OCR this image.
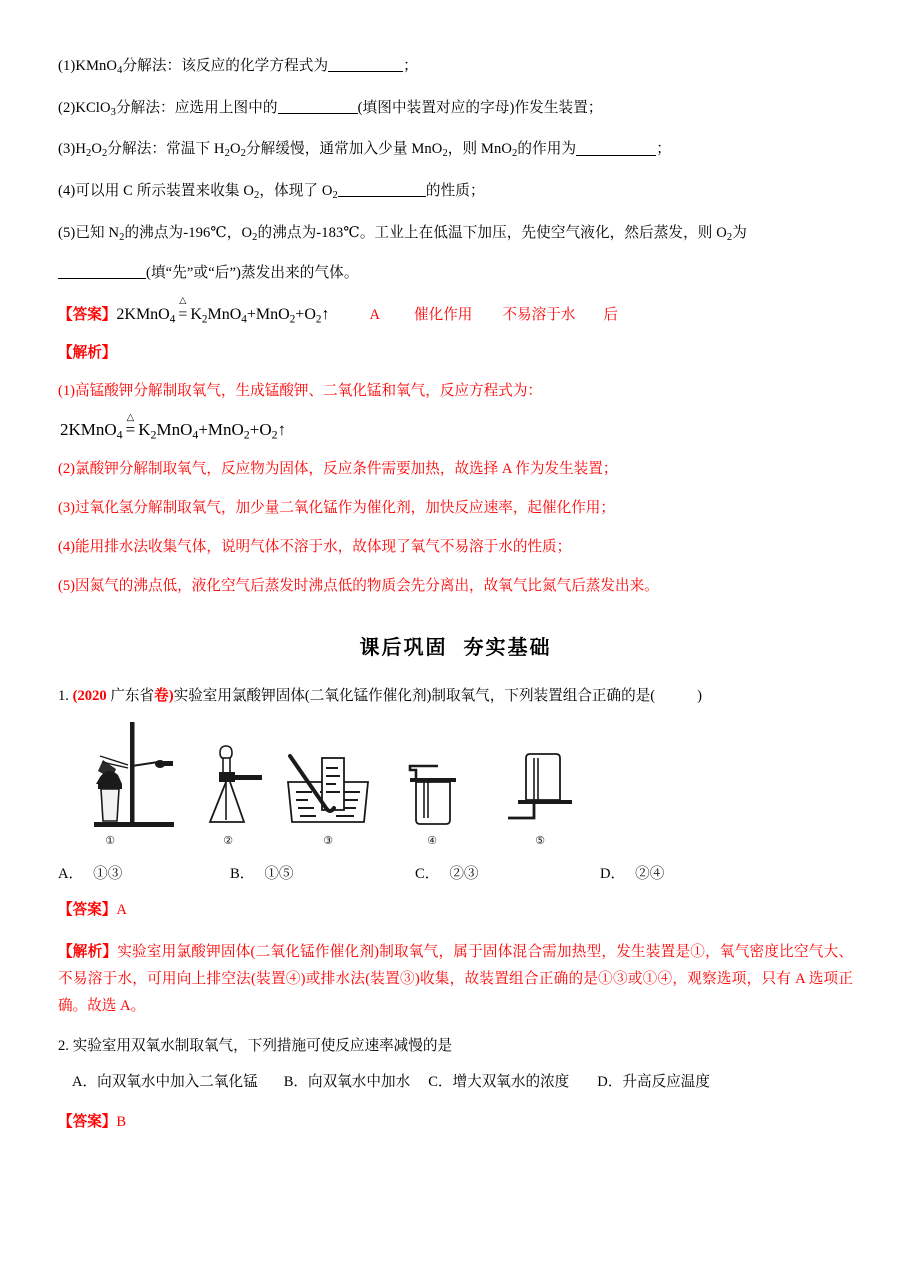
(1)KMnO$_4$分解法：该反应的化学方程式为	；

(2)KClO$_3$分解法：应选用上图中的	(填图中装置对应的字母)作发生装置；

$(3)H_2O_2$分解法：常温下 $H_2O_2$分解缓慢，通常加入少量 MnO$_2$，则 MnO$_2$的作用为	；

(4)可以用 C 所示装置来收集 $O_2$，体现了 $O_2$	的性质；

(5)已知 $N_2$的沸点为-196℃，$O_2$的沸点为-183℃。工业上在低温下加压，先使空气液化，然后蒸发，则 $O_2$为

(填“先”或“后”)蒸发出来的气体。

【答案】2KMnO$_4$
△
= $K_2MnO_4+MnO_2+O_2↑$	A 催化作用 不易溶于水 后

【解析】

(1)高锰酸钾分解制取氧气，生成锰酸钾、二氧化锰和氧气，反应方程式为：

2KMnO$_4$
△
= $K_2MnO_4+MnO_2+O_2↑$

(2)氯酸钾分解制取氧气，反应物为固体，反应条件需要加热，故选择 A 作为发生装置；

(3)过氧化氢分解制取氧气，加少量二氧化锰作为催化剂，加快反应速率，起催化作用；

(4)能用排水法收集气体，说明气体不溶于水，故体现了氧气不易溶于水的性质；

(5)因氮气的沸点低，液化空气后蒸发时沸点低的物质会先分离出，故氧气比氮气后蒸发出来。

课后巩固 夯实基础

1. (2020 广东省卷)实验室用氯酸钾固体(二氧化锰作催化剂)制取氧气，下列装置组合正确的是(	)

①	②	③	④	⑤
A． ①③	B． ①⑤	C． ②③	D． ②④

【答案】A

【解析】实验室用氯酸钾固体(二氧化锰作催化剂)制取氧气，属于固体混合需加热型，发生装置是①，氧气密度比空气大、不易溶于水，可用向上排空法(装置④)或排水法(装置③)收集，故装置组合正确的是①③或①④，观察选项，只有 A 选项正确。故选 A。

2. 实验室用双氧水制取氧气，下列措施可使反应速率减慢的是

A．向双氧水中加入二氧化锰 B．向双氧水中加水 C．增大双氧水的浓度 D．升高反应温度

【答案】B
